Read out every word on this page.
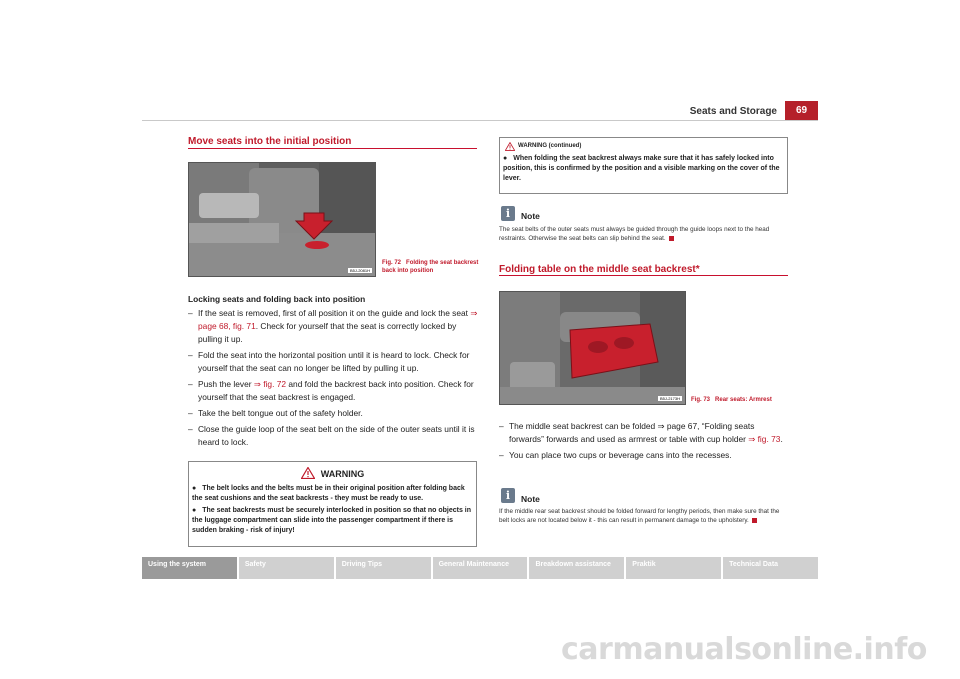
Seats and Storage	69
Move seats into the initial position
B5J-2081H
Fig. 72 Folding the seat backrest back into position
Locking seats and folding back into position
– If the seat is removed, first of all position it on the guide and lock the seat ⇒ page 68, fig. 71. Check for yourself that the seat is correctly locked by pulling it up.
– Fold the seat into the horizontal position until it is heard to lock. Check for yourself that the seat can no longer be lifted by pulling it up.
– Push the lever ⇒ fig. 72 and fold the backrest back into position. Check for yourself that the seat backrest is engaged.
– Take the belt tongue out of the safety holder.
– Close the guide loop of the seat belt on the side of the outer seats until it is heard to lock.
WARNING
● The belt locks and the belts must be in their original position after folding back the seat cushions and the seat backrests - they must be ready to use.
● The seat backrests must be securely interlocked in position so that no objects in the luggage compartment can slide into the passenger compartment if there is sudden braking - risk of injury!
WARNING (continued)
● When folding the seat backrest always make sure that it has safely locked into position, this is confirmed by the position and a visible marking on the cover of the lever.
i	Note
The seat belts of the outer seats must always be guided through the guide loops next to the head restraints. Otherwise the seat belts can slip behind the seat.
Folding table on the middle seat backrest*
B5J-2173H	Fig. 73 Rear seats: Armrest
– The middle seat backrest can be folded ⇒ page 67, “Folding seats forwards” forwards and used as armrest or table with cup holder ⇒ fig. 73.
– You can place two cups or beverage cans into the recesses.
i	Note
If the middle rear seat backrest should be folded forward for lengthy periods, then make sure that the belt locks are not located below it - this can result in permanent damage to the upholstery.
Using the system	Safety	Driving Tips	General Maintenance	Breakdown assistance	Praktik	Technical Data
carmanualsonline.info
